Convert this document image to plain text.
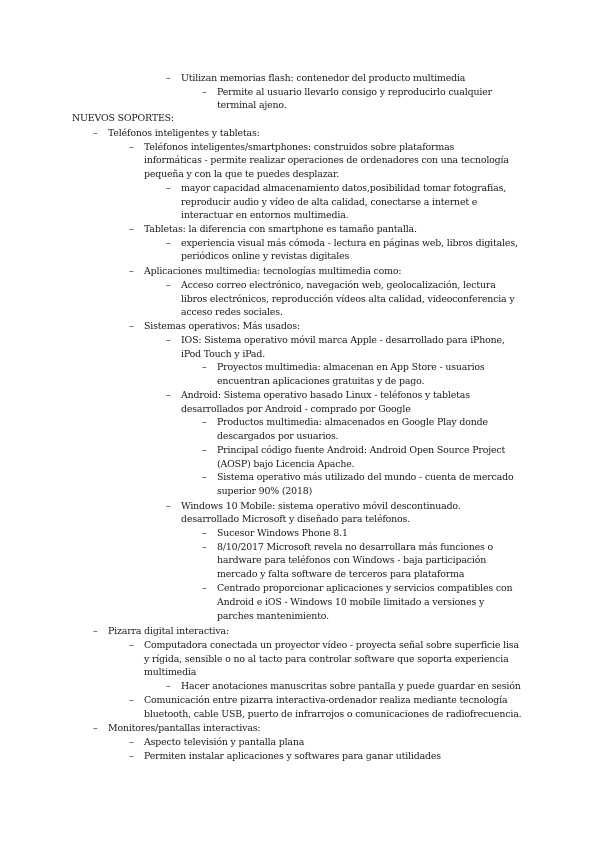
– Utilizan memorias flash: contenedor del producto multimedia
– Permite al usuario llevarlo consigo y reproducirlo cualquier
terminal ajeno.
NUEVOS SOPORTES:
– Teléfonos inteligentes y tabletas:
– Teléfonos inteligentes/smartphones: construidos sobre plataformas
informáticas - permite realizar operaciones de ordenadores con una tecnología
pequeña y con la que te puedes desplazar.
– mayor capacidad almacenamiento datos,posibilidad tomar fotografías,
reproducir audio y vídeo de alta calidad, conectarse a internet e
interactuar en entornos multimedia.
– Tabletas: la diferencia con smartphone es tamaño pantalla.
– experiencia visual más cómoda - lectura en páginas web, libros digitales,
periódicos online y revistas digitales
– Aplicaciones multimedia: tecnologías multimedia como:
– Acceso correo electrónico, navegación web, geolocalización, lectura
libros electrónicos, reproducción vídeos alta calidad, videoconferencia y
acceso redes sociales.
– Sistemas operativos: Más usados:
– IOS: Sistema operativo móvil marca Apple - desarrollado para iPhone,
iPod Touch y iPad.
– Proyectos multimedia: almacenan en App Store - usuarios
encuentran aplicaciones gratuitas y de pago.
– Android: Sistema operativo basado Linux - teléfonos y tabletas
desarrollados por Android - comprado por Google
– Productos multimedia: almacenados en Google Play donde
descargados por usuarios.
– Principal código fuente Android: Android Open Source Project
(AOSP) bajo Licencia Apache.
– Sistema operativo más utilizado del mundo - cuenta de mercado
superior 90% (2018)
– Windows 10 Mobile: sistema operativo móvil descontinuado.
desarrollado Microsoft y diseñado para teléfonos.
– Sucesor Windows Phone 8.1
– 8/10/2017 Microsoft revela no desarrollara más funciones o
hardware para teléfonos con Windows - baja participación
mercado y falta software de terceros para plataforma
– Centrado proporcionar aplicaciones y servicios compatibles con
Android e iOS - Windows 10 mobile limitado a versiones y
parches mantenimiento.
– Pizarra digital interactiva:
– Computadora conectada un proyector vídeo - proyecta señal sobre superficie lisa
y rígida, sensible o no al tacto para controlar software que soporta experiencia
multimedia
– Hacer anotaciones manuscritas sobre pantalla y puede guardar en sesión
– Comunicación entre pizarra interactiva-ordenador realiza mediante tecnología
bluetooth, cable USB, puerto de infrarrojos o comunicaciones de radiofrecuencia.
– Monitores/pantallas interactivas:
– Aspecto televisión y pantalla plana
– Permiten instalar aplicaciones y softwares para ganar utilidades
